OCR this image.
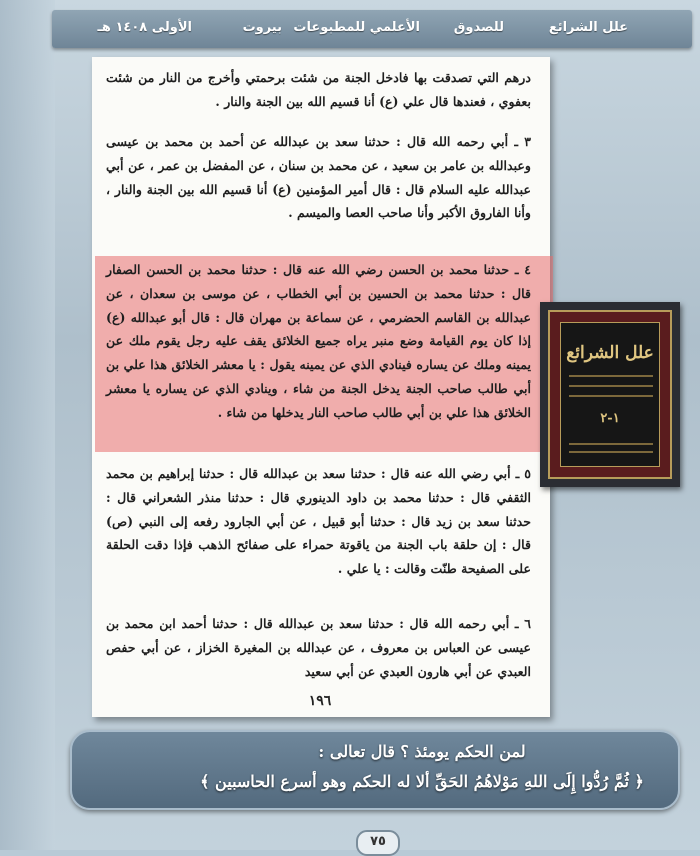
علل الشرائع
للصدوق
الأعلمي للمطبوعات
بيروت
الأولى ١٤٠٨ هـ
درهم التي تصدقت بها فادخل الجنة من شئت برحمتي وأخرج من النار من شئت بعفوي ، فعندها قال علي (ع) أنا قسيم الله بين الجنة والنار .
٣ ـ أبي رحمه الله قال : حدثنا سعد بن عبدالله عن أحمد بن محمد بن عيسى وعبدالله بن عامر بن سعيد ، عن محمد بن سنان ، عن المفضل بن عمر ، عن أبي عبدالله عليه السلام قال : قال أمير المؤمنين (ع) أنا قسيم الله بين الجنة والنار ، وأنا الفاروق الأكبر وأنا صاحب العصا والميسم .
٤ ـ حدثنا محمد بن الحسن رضي الله عنه قال : حدثنا محمد بن الحسن الصفار قال : حدثنا محمد بن الحسين بن أبي الخطاب ، عن موسى بن سعدان ، عن عبدالله بن القاسم الحضرمي ، عن سماعة بن مهران قال : قال أبو عبدالله (ع) إذا كان يوم القيامة وضع منبر يراه جميع الخلائق يقف عليه رجل يقوم ملك عن يمينه وملك عن يساره فينادي الذي عن يمينه يقول : يا معشر الخلائق هذا علي بن أبي طالب صاحب الجنة يدخل الجنة من شاء ، وينادي الذي عن يساره يا معشر الخلائق هذا علي بن أبي طالب صاحب النار يدخلها من شاء .
٥ ـ أبي رضي الله عنه قال : حدثنا سعد بن عبدالله قال : حدثنا إبراهيم بن محمد الثقفي قال : حدثنا محمد بن داود الدينوري قال : حدثنا منذر الشعراني قال : حدثنا سعد بن زيد قال : حدثنا أبو قبيل ، عن أبي الجارود رفعه إلى النبي (ص) قال : إن حلقة باب الجنة من ياقوتة حمراء على صفائح الذهب فإذا دقت الحلقة على الصفيحة طنّت وقالت : يا علي .
٦ ـ أبي رحمه الله قال : حدثنا سعد بن عبدالله قال : حدثنا أحمد ابن محمد بن عيسى عن العباس بن معروف ، عن عبدالله بن المغيرة الخزاز ، عن أبي حفص العبدي عن أبي هارون العبدي عن أبي سعيد
١٩٦
علل الشرائع
١-٢
لمن الحكم يومئذ ؟ قال تعالى :
﴿ ثُمَّ رُدُّوا إِلَى اللهِ مَوْلاهُمُ الحَقِّ ألا له الحكم وهو أسرع الحاسبين ﴾
٧٥
